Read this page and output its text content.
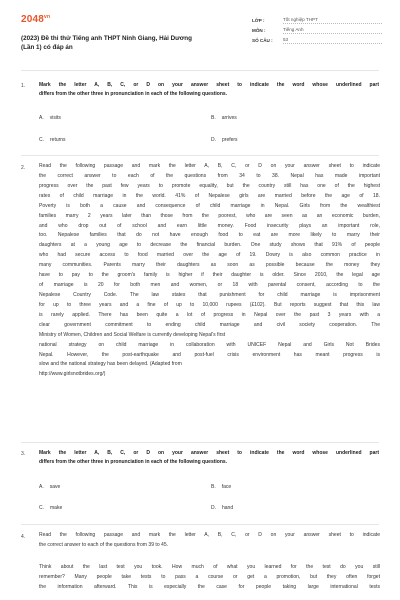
$2048^{vn}$
(2023) Đề thi thử Tiếng anh THPT Ninh Giang, Hải Dương
(Lần 1) có đáp án
LỚP :	Tốt nghiệp THPT
MÔN :	Tiếng Anh
SỐ CÂU :	53
1.	Mark the letter A, B, C, or D on your answer sheet to indicate the word whose underlined part
differs from the other three in pronunciation in each of the following questions.
A. visits	B. arrives
C. returns	D. prefers
2.	Read the following passage and mark the letter A, B, C, or D on your answer sheet to indicate
the correct answer to each of the questions from 34 to 38. Nepal has made important
progress over the past few years to promote equality, but the country still has one of the highest
rates of child marriage in the world. 41% of Nepalese girls are married before the age of 18.
Poverty is both a cause and consequence of child marriage in Nepal. Girls from the wealthiest
families marry 2 years later than those from the poorest, who are seen as an economic burden,
and who drop out of school and earn little money. Food insecurity plays an important role,
too. Nepalese families that do not have enough food to eat are more likely to marry their
daughters at a young age to decrease the financial burden. One study shows that 91% of people
who had secure access to food married over the age of 19. Dowry is also common practice in
many communities. Parents marry their daughters as soon as possible because the money they
have to pay to the groom's family is higher if their daughter is older. Since 2010, the legal age
of marriage is 20 for both men and women, or 18 with parental consent, according to the
Nepalese Country Code. The law states that punishment for child marriage is imprisonment
for up to three years and a fine of up to 10,000 rupees (£102). But reports suggest that this law
is rarely applied. There has been quite a lot of progress in Nepal over the past 3 years with a
clear government commitment to ending child marriage and civil society cooperation. The
Ministry of Women, Children and Social Welfare is currently developing Nepal's first
national strategy on child marriage in collaboration with UNICEF Nepal and Girls Not Brides
Nepal. However, the post-earthquake and post-fuel crisis environment has meant progress is
slow and the national strategy has been delayed. (Adapted from
http://www.girlsnotbrides.org/)
3.	Mark the letter A, B, C, or D on your answer sheet to indicate the word whose underlined part
differs from the other three in pronunciation in each of the following questions.
A. save	B. face
C. make	D. hand
4.	Read the following passage and mark the letter A, B, C, or D on your answer sheet to indicate
the correct answer to each of the questions from 39 to 45.
Think about the last test you took. How much of what you learned for the test do you still
remember? Many people take tests to pass a course or get a promotion, but they often forget
the information afterward. This is especially the case for people taking large international tests
